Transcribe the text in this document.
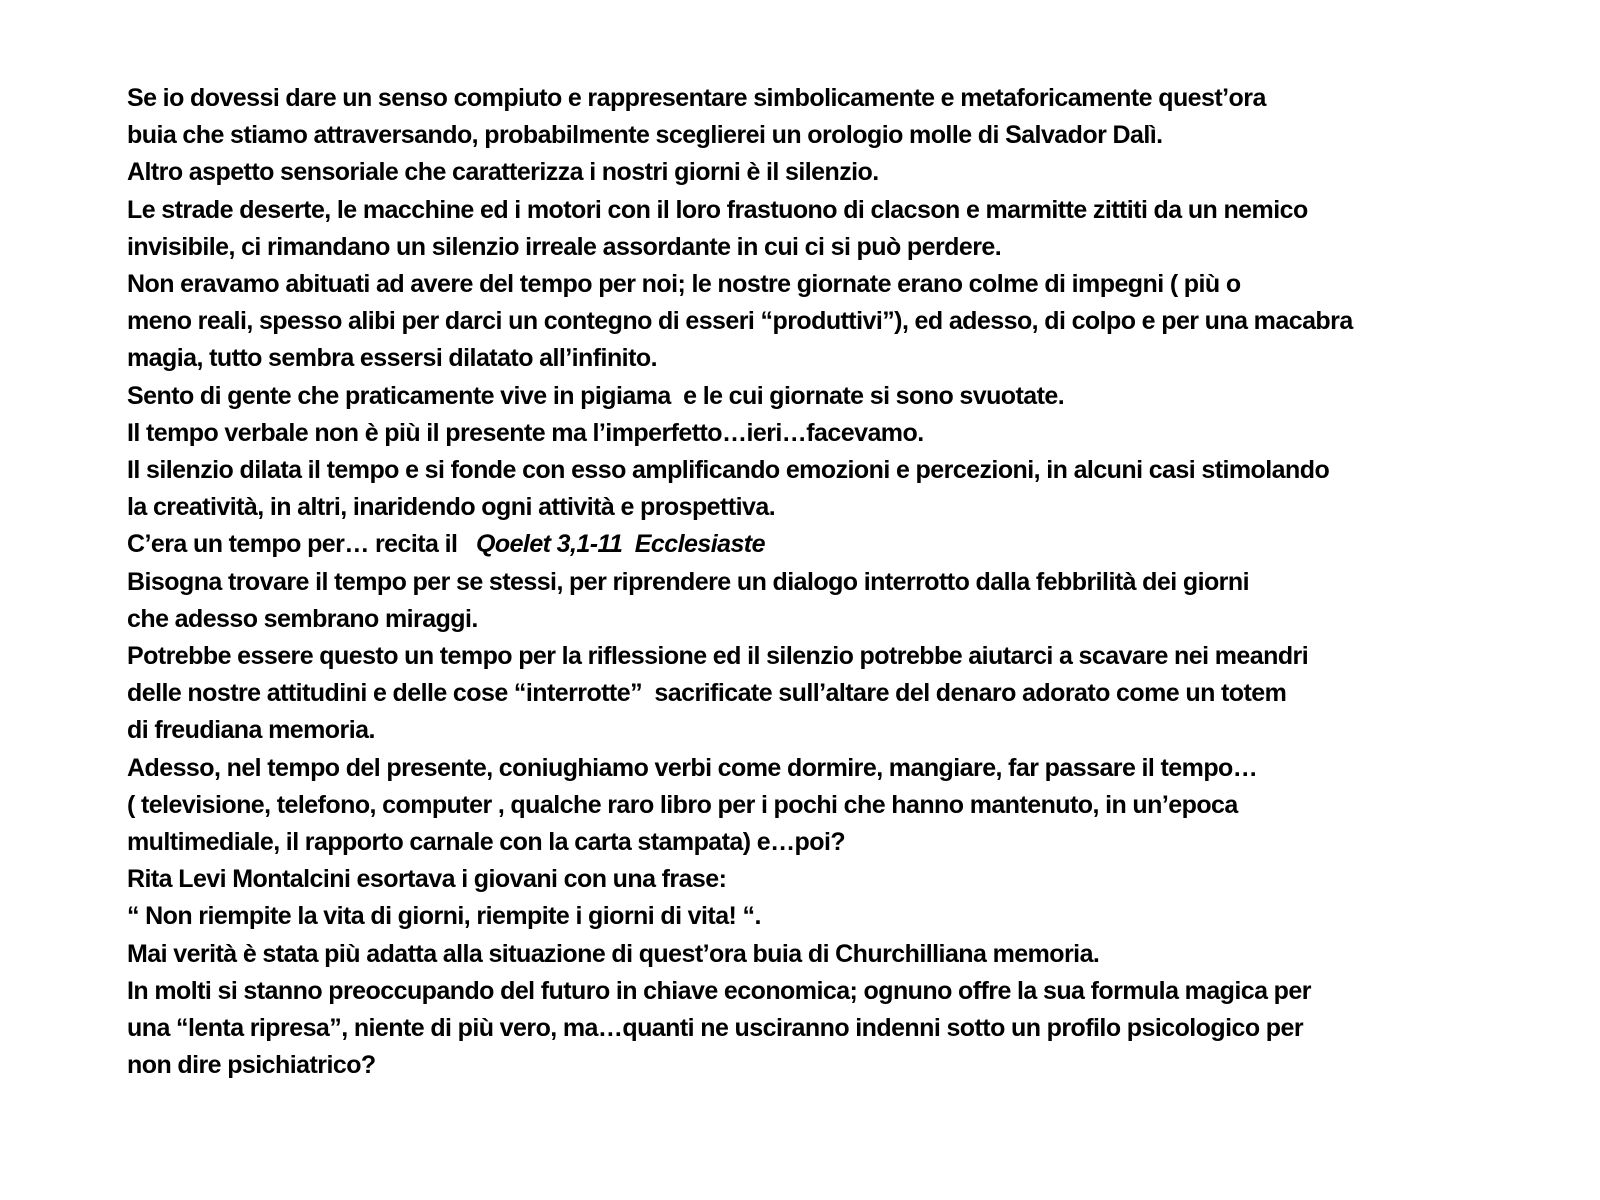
Se io dovessi dare un senso compiuto e rappresentare simbolicamente e metaforicamente quest’ora
buia che stiamo attraversando, probabilmente sceglierei un orologio molle di Salvador Dalì.
Altro aspetto sensoriale che caratterizza i nostri giorni è il silenzio.
Le strade deserte, le macchine ed i motori con il loro frastuono di clacson e marmitte zittiti da un nemico
invisibile, ci rimandano un silenzio irreale assordante in cui ci si può perdere.
Non eravamo abituati ad avere del tempo per noi; le nostre giornate erano colme di impegni ( più o
meno reali, spesso alibi per darci un contegno di esseri “produttivi”), ed adesso, di colpo e per una macabra
magia, tutto sembra essersi dilatato all’infinito.
Sento di gente che praticamente vive in pigiama  e le cui giornate si sono svuotate.
Il tempo verbale non è più il presente ma l’imperfetto…ieri…facevamo.
Il silenzio dilata il tempo e si fonde con esso amplificando emozioni e percezioni, in alcuni casi stimolando
la creatività, in altri, inaridendo ogni attività e prospettiva.
C’era un tempo per… recita il   Qoelet 3,1-11  Ecclesiaste
Bisogna trovare il tempo per se stessi, per riprendere un dialogo interrotto dalla febbrilità dei giorni
che adesso sembrano miraggi.
Potrebbe essere questo un tempo per la riflessione ed il silenzio potrebbe aiutarci a scavare nei meandri
delle nostre attitudini e delle cose “interrotte”  sacrificate sull’altare del denaro adorato come un totem
di freudiana memoria.
Adesso, nel tempo del presente, coniughiamo verbi come dormire, mangiare, far passare il tempo…
( televisione, telefono, computer , qualche raro libro per i pochi che hanno mantenuto, in un’epoca
multimediale, il rapporto carnale con la carta stampata) e…poi?
Rita Levi Montalcini esortava i giovani con una frase:
“ Non riempite la vita di giorni, riempite i giorni di vita! “.
Mai verità è stata più adatta alla situazione di quest’ora buia di Churchilliana memoria.
In molti si stanno preoccupando del futuro in chiave economica; ognuno offre la sua formula magica per
una “lenta ripresa”, niente di più vero, ma…quanti ne usciranno indenni sotto un profilo psicologico per
non dire psichiatrico?
